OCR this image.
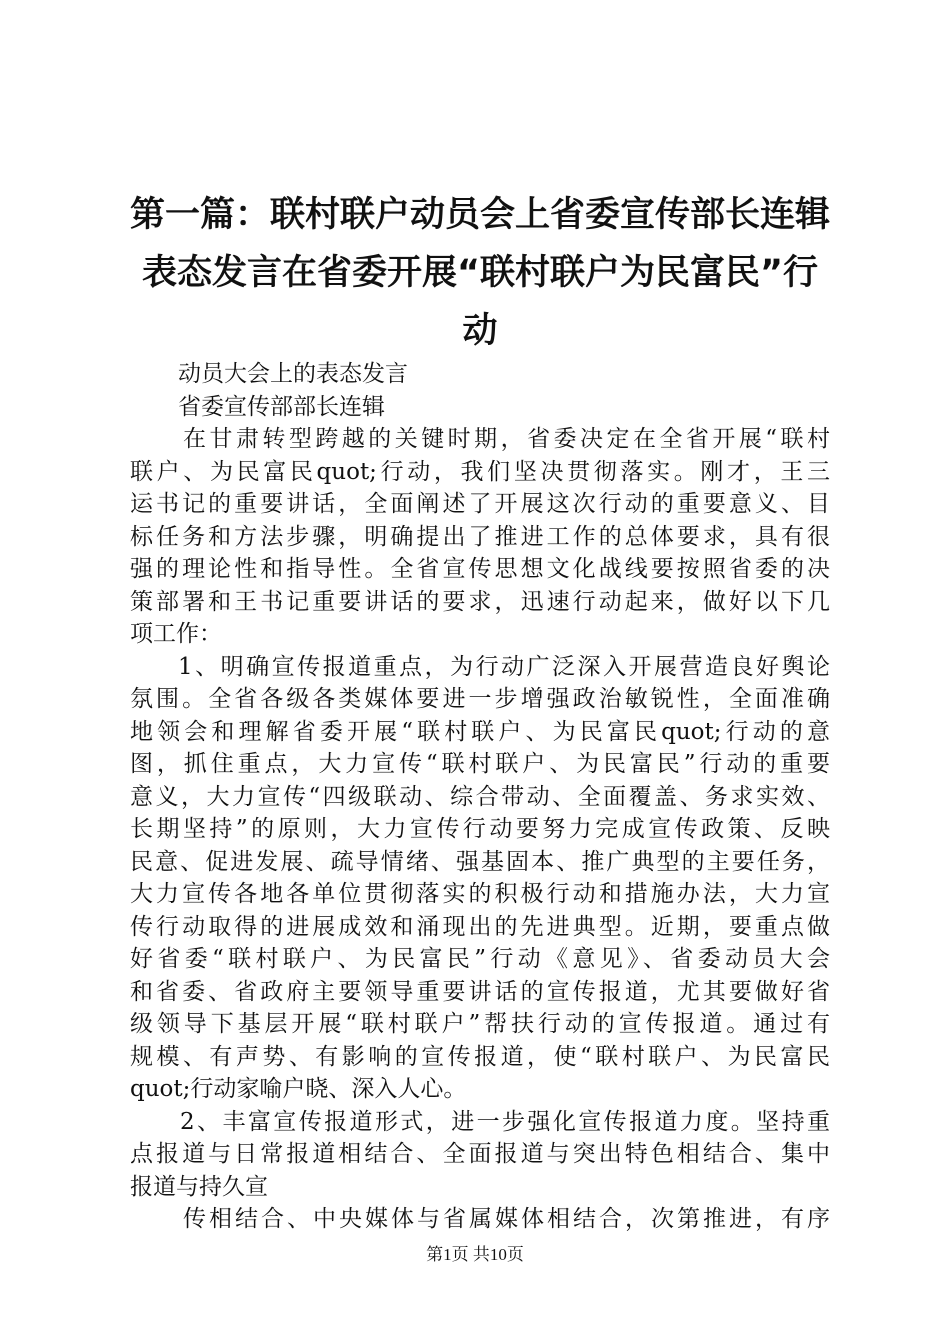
第一篇：联村联户动员会上省委宣传部长连辑
表态发言在省委开展“联村联户为民富民”行
动
动员大会上的表态发言
省委宣传部部长连辑
在甘肃转型跨越的关键时期，省委决定在全省开展“联村
联户、为民富民quot;行动，我们坚决贯彻落实。刚才，王三
运书记的重要讲话，全面阐述了开展这次行动的重要意义、目
标任务和方法步骤，明确提出了推进工作的总体要求，具有很
强的理论性和指导性。全省宣传思想文化战线要按照省委的决
策部署和王书记重要讲话的要求，迅速行动起来，做好以下几
项工作：
1、明确宣传报道重点，为行动广泛深入开展营造良好舆论
氛围。全省各级各类媒体要进一步增强政治敏锐性，全面准确
地领会和理解省委开展“联村联户、为民富民quot;行动的意
图，抓住重点，大力宣传“联村联户、为民富民”行动的重要
意义，大力宣传“四级联动、综合带动、全面覆盖、务求实效、
长期坚持”的原则，大力宣传行动要努力完成宣传政策、反映
民意、促进发展、疏导情绪、强基固本、推广典型的主要任务，
大力宣传各地各单位贯彻落实的积极行动和措施办法，大力宣
传行动取得的进展成效和涌现出的先进典型。近期，要重点做
好省委“联村联户、为民富民”行动《意见》、省委动员大会
和省委、省政府主要领导重要讲话的宣传报道，尤其要做好省
级领导下基层开展“联村联户”帮扶行动的宣传报道。通过有
规模、有声势、有影响的宣传报道，使“联村联户、为民富民
quot;行动家喻户晓、深入人心。
2、丰富宣传报道形式，进一步强化宣传报道力度。坚持重
点报道与日常报道相结合、全面报道与突出特色相结合、集中
报道与持久宣
传相结合、中央媒体与省属媒体相结合，次第推进，有序
第1页 共10页
